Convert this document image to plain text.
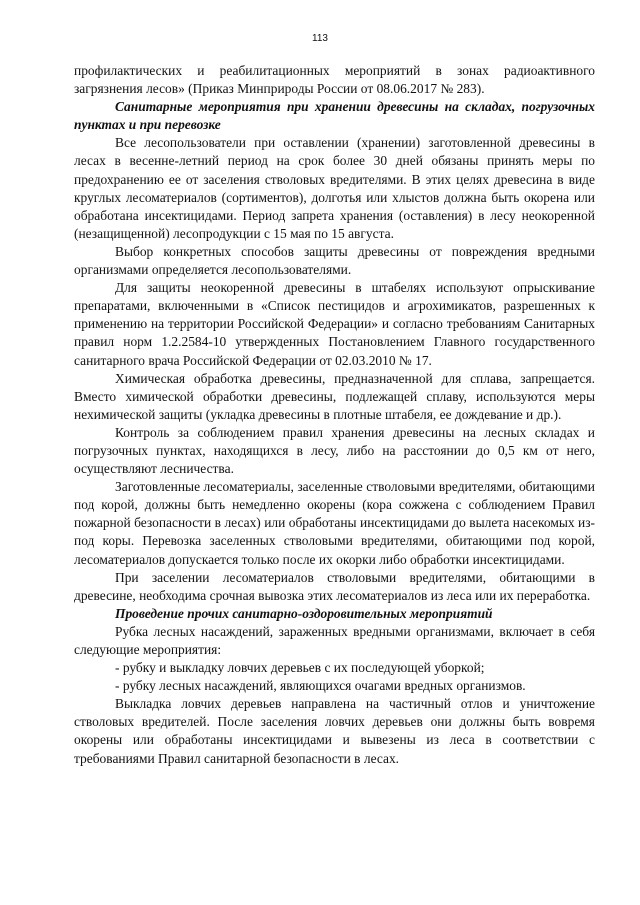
113

профилактических и реабилитационных мероприятий в зонах радиоактивного загрязнения лесов» (Приказ Минприроды России от 08.06.2017 № 283).

Санитарные мероприятия при хранении древесины на складах, погрузочных пунктах и при перевозке

Все лесопользователи при оставлении (хранении) заготовленной древесины в лесах в весенне-летний период на срок более 30 дней обязаны принять меры по предохранению ее от заселения стволовых вредителями. В этих целях древесина в виде круглых лесоматериалов (сортиментов), долготья или хлыстов должна быть окорена или обработана инсектицидами. Период запрета хранения (оставления) в лесу неокоренной (незащищенной) лесопродукции с 15 мая по 15 августа.

Выбор конкретных способов защиты древесины от повреждения вредными организмами определяется лесопользователями.

Для защиты неокоренной древесины в штабелях используют опрыскивание препаратами, включенными в «Список пестицидов и агрохимикатов, разрешенных к применению на территории Российской Федерации» и согласно требованиям Санитарных правил норм 1.2.2584-10 утвержденных Постановлением Главного государственного санитарного врача Российской Федерации от 02.03.2010 № 17.

Химическая обработка древесины, предназначенной для сплава, запрещается. Вместо химической обработки древесины, подлежащей сплаву, используются меры нехимической защиты (укладка древесины в плотные штабеля, ее дождевание и др.).

Контроль за соблюдением правил хранения древесины на лесных складах и погрузочных пунктах, находящихся в лесу, либо на расстоянии до 0,5 км от него, осуществляют лесничества.

Заготовленные лесоматериалы, заселенные стволовыми вредителями, обитающими под корой, должны быть немедленно окорены (кора сожжена с соблюдением Правил пожарной безопасности в лесах) или обработаны инсектицидами до вылета насекомых из-под коры. Перевозка заселенных стволовыми вредителями, обитающими под корой, лесоматериалов допускается только после их окорки либо обработки инсектицидами.

При заселении лесоматериалов стволовыми вредителями, обитающими в древесине, необходима срочная вывозка этих лесоматериалов из леса или их переработка.

Проведение прочих санитарно-оздоровительных мероприятий

Рубка лесных насаждений, зараженных вредными организмами, включает в себя следующие мероприятия:

- рубку и выкладку ловчих деревьев с их последующей уборкой;

- рубку лесных насаждений, являющихся очагами вредных организмов.

Выкладка ловчих деревьев направлена на частичный отлов и уничтожение стволовых вредителей. После заселения ловчих деревьев они должны быть вовремя окорены или обработаны инсектицидами и вывезены из леса в соответствии с требованиями Правил санитарной безопасности в лесах.
